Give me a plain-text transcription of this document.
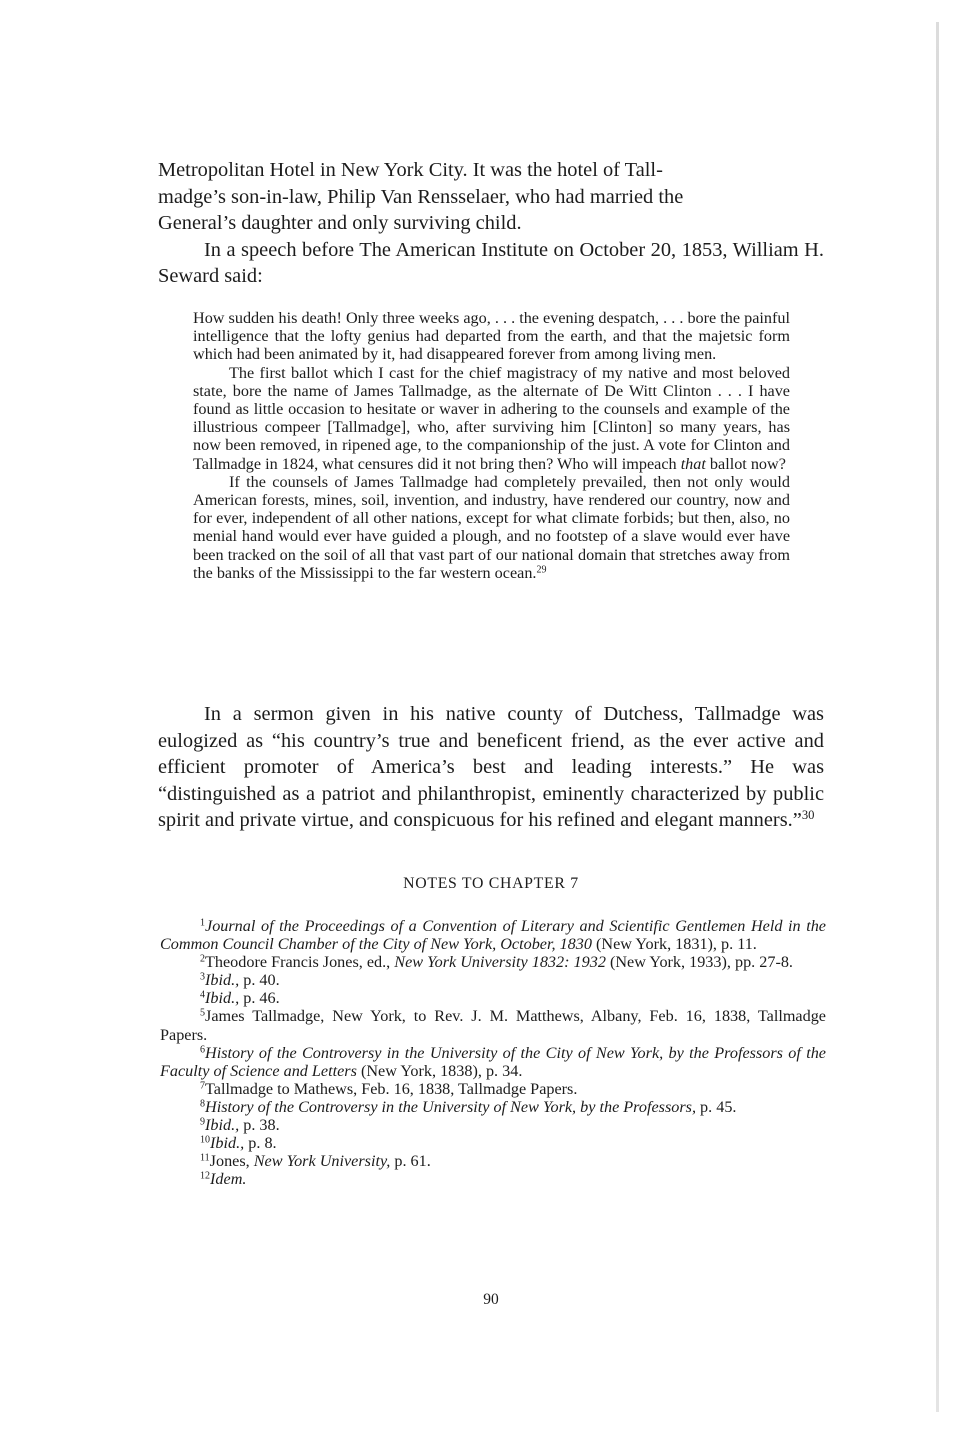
Metropolitan Hotel in New York City. It was the hotel of Tall-
madge’s son-in-law, Philip Van Rensselaer, who had married the
General’s daughter and only surviving child.

In a speech before The American Institute on October 20, 1853, William H. Seward said:

How sudden his death! Only three weeks ago, . . . the evening despatch, . . . bore the painful intelligence that the lofty genius had departed from the earth, and that the majetsic form which had been animated by it, had disappeared forever from among living men.

The first ballot which I cast for the chief magistracy of my native and most beloved state, bore the name of James Tallmadge, as the alternate of De Witt Clinton . . . I have found as little occasion to hesitate or waver in adhering to the counsels and example of the illustrious compeer [Tallmadge], who, after surviving him [Clinton] so many years, has now been removed, in ripened age, to the companionship of the just. A vote for Clinton and Tallmadge in 1824, what censures did it not bring then? Who will impeach that ballot now?

If the counsels of James Tallmadge had completely prevailed, then not only would American forests, mines, soil, invention, and industry, have rendered our country, now and for ever, independent of all other nations, except for what climate forbids; but then, also, no menial hand would ever have guided a plough, and no footstep of a slave would ever have been tracked on the soil of all that vast part of our national domain that stretches away from the banks of the Mississippi to the far western ocean.$^{29}$

In a sermon given in his native county of Dutchess, Tallmadge was eulogized as “his country’s true and beneficent friend, as the ever active and efficient promoter of America’s best and leading interests.” He was “distinguished as a patriot and philanthropist, eminently characterized by public spirit and private virtue, and conspicuous for his refined and elegant manners.”$^{30}$

NOTES TO CHAPTER 7

$^1$Journal of the Proceedings of a Convention of Literary and Scientific Gentlemen Held in the Common Council Chamber of the City of New York, October, 1830 (New York, 1831), p. 11.

$^2$Theodore Francis Jones, ed., New York University 1832: 1932 (New York, 1933), pp. 27-8.

$^3$Ibid., p. 40.

$^4$Ibid., p. 46.

$^5$James Tallmadge, New York, to Rev. J. M. Matthews, Albany, Feb. 16, 1838, Tallmadge Papers.

$^6$History of the Controversy in the University of the City of New York, by the Professors of the Faculty of Science and Letters (New York, 1838), p. 34.

$^7$Tallmadge to Mathews, Feb. 16, 1838, Tallmadge Papers.

$^8$History of the Controversy in the University of New York, by the Professors, p. 45.

$^9$Ibid., p. 38.

$^{10}$Ibid., p. 8.

$^{11}$Jones, New York University, p. 61.

$^{12}$Idem.

90
